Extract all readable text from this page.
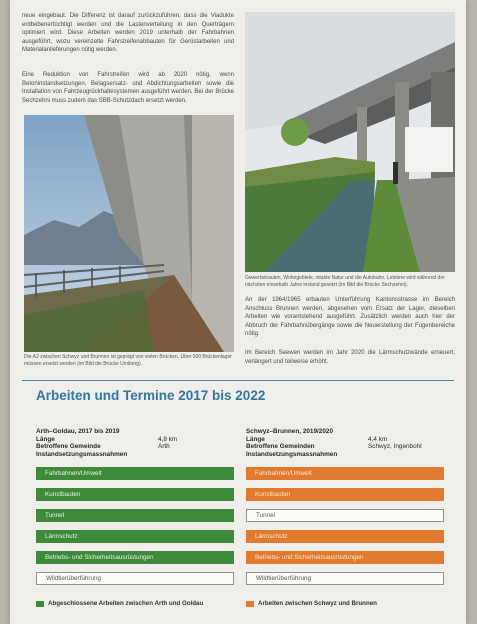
neue eingebaut. Die Differenz ist darauf zurückzuführen, dass die Viadukte erdbebenertüchtigt werden und die Lastenverteilung in den Querträgern optimiert wird. Diese Arbeiten werden 2019 unterhalb der Fahrbahnen ausgeführt, wozu vereinzelte Fahrstreifenabbauten für Gerüstarbeiten und Materialanlieferungen nötig werden.

Eine Reduktion von Fahrstreifen wird ab 2020 nötig, wenn Betoninstandsetzungen, Belagsersatz- und Abdichtungsarbeiten sowie die Installation von Fahrzeugrückhaltesystemen ausgeführt werden. Bei der Brücke Sechzehni muss zudem das SBB-Schutzdach ersetzt werden.

Die A2 zwischen Schwyz und Brunnen ist geprägt von vielen Brücken. Über 500 Brückenlager müssen ersetzt werden (im Bild die Brücke Umiberg).
Gewerbebauten, Wohngebiete, intakte Natur und die Autobahn. Letztere wird während der nächsten einsehalb Jahre instand gesetzt (im Bild die Brücke Sechzehni).

An der 1964/1965 erbauten Unterführung Kantonsstrasse im Bereich Anschluss Brunnen werden, abgesehen vom Ersatz der Lager, dieselben Arbeiten wie vorantstehend ausgeführt. Zusätzlich werden auch hier der Abbruch der Fahrbahnübergänge sowie die Neuerstellung der Fugenbereiche nötig.

Im Bereich Seewen werden im Jahr 2020 die Lärmschutzwände erneuert, verlängert und teilweise erhöht.

Arbeiten und Termine 2017 bis 2022
Arth–Goldau, 2017 bis 2019
Länge	4,8 km
Betroffene Gemeinde	Arth
Instandsetzungsmassnahmen
Fahrbahnen/Umwelt
Kunstbauten
Tunnel
Lärmschutz
Betriebs- und Sicherheitsausrüstungen
Wildtierüberführung
Abgeschlossene Arbeiten zwischen Arth und Goldau
Schwyz–Brunnen, 2019/2020
Länge	4,4 km
Betroffene Gemeinden	Schwyz, Ingenbohl
Instandsetzungsmassnahmen
Fahrbahnen/Umwelt
Kunstbauten
Tunnel
Lärmschutz
Betriebs- und Sicherheitsausrüstungen
Wildtierüberführung
Arbeiten zwischen Schwyz und Brunnen
